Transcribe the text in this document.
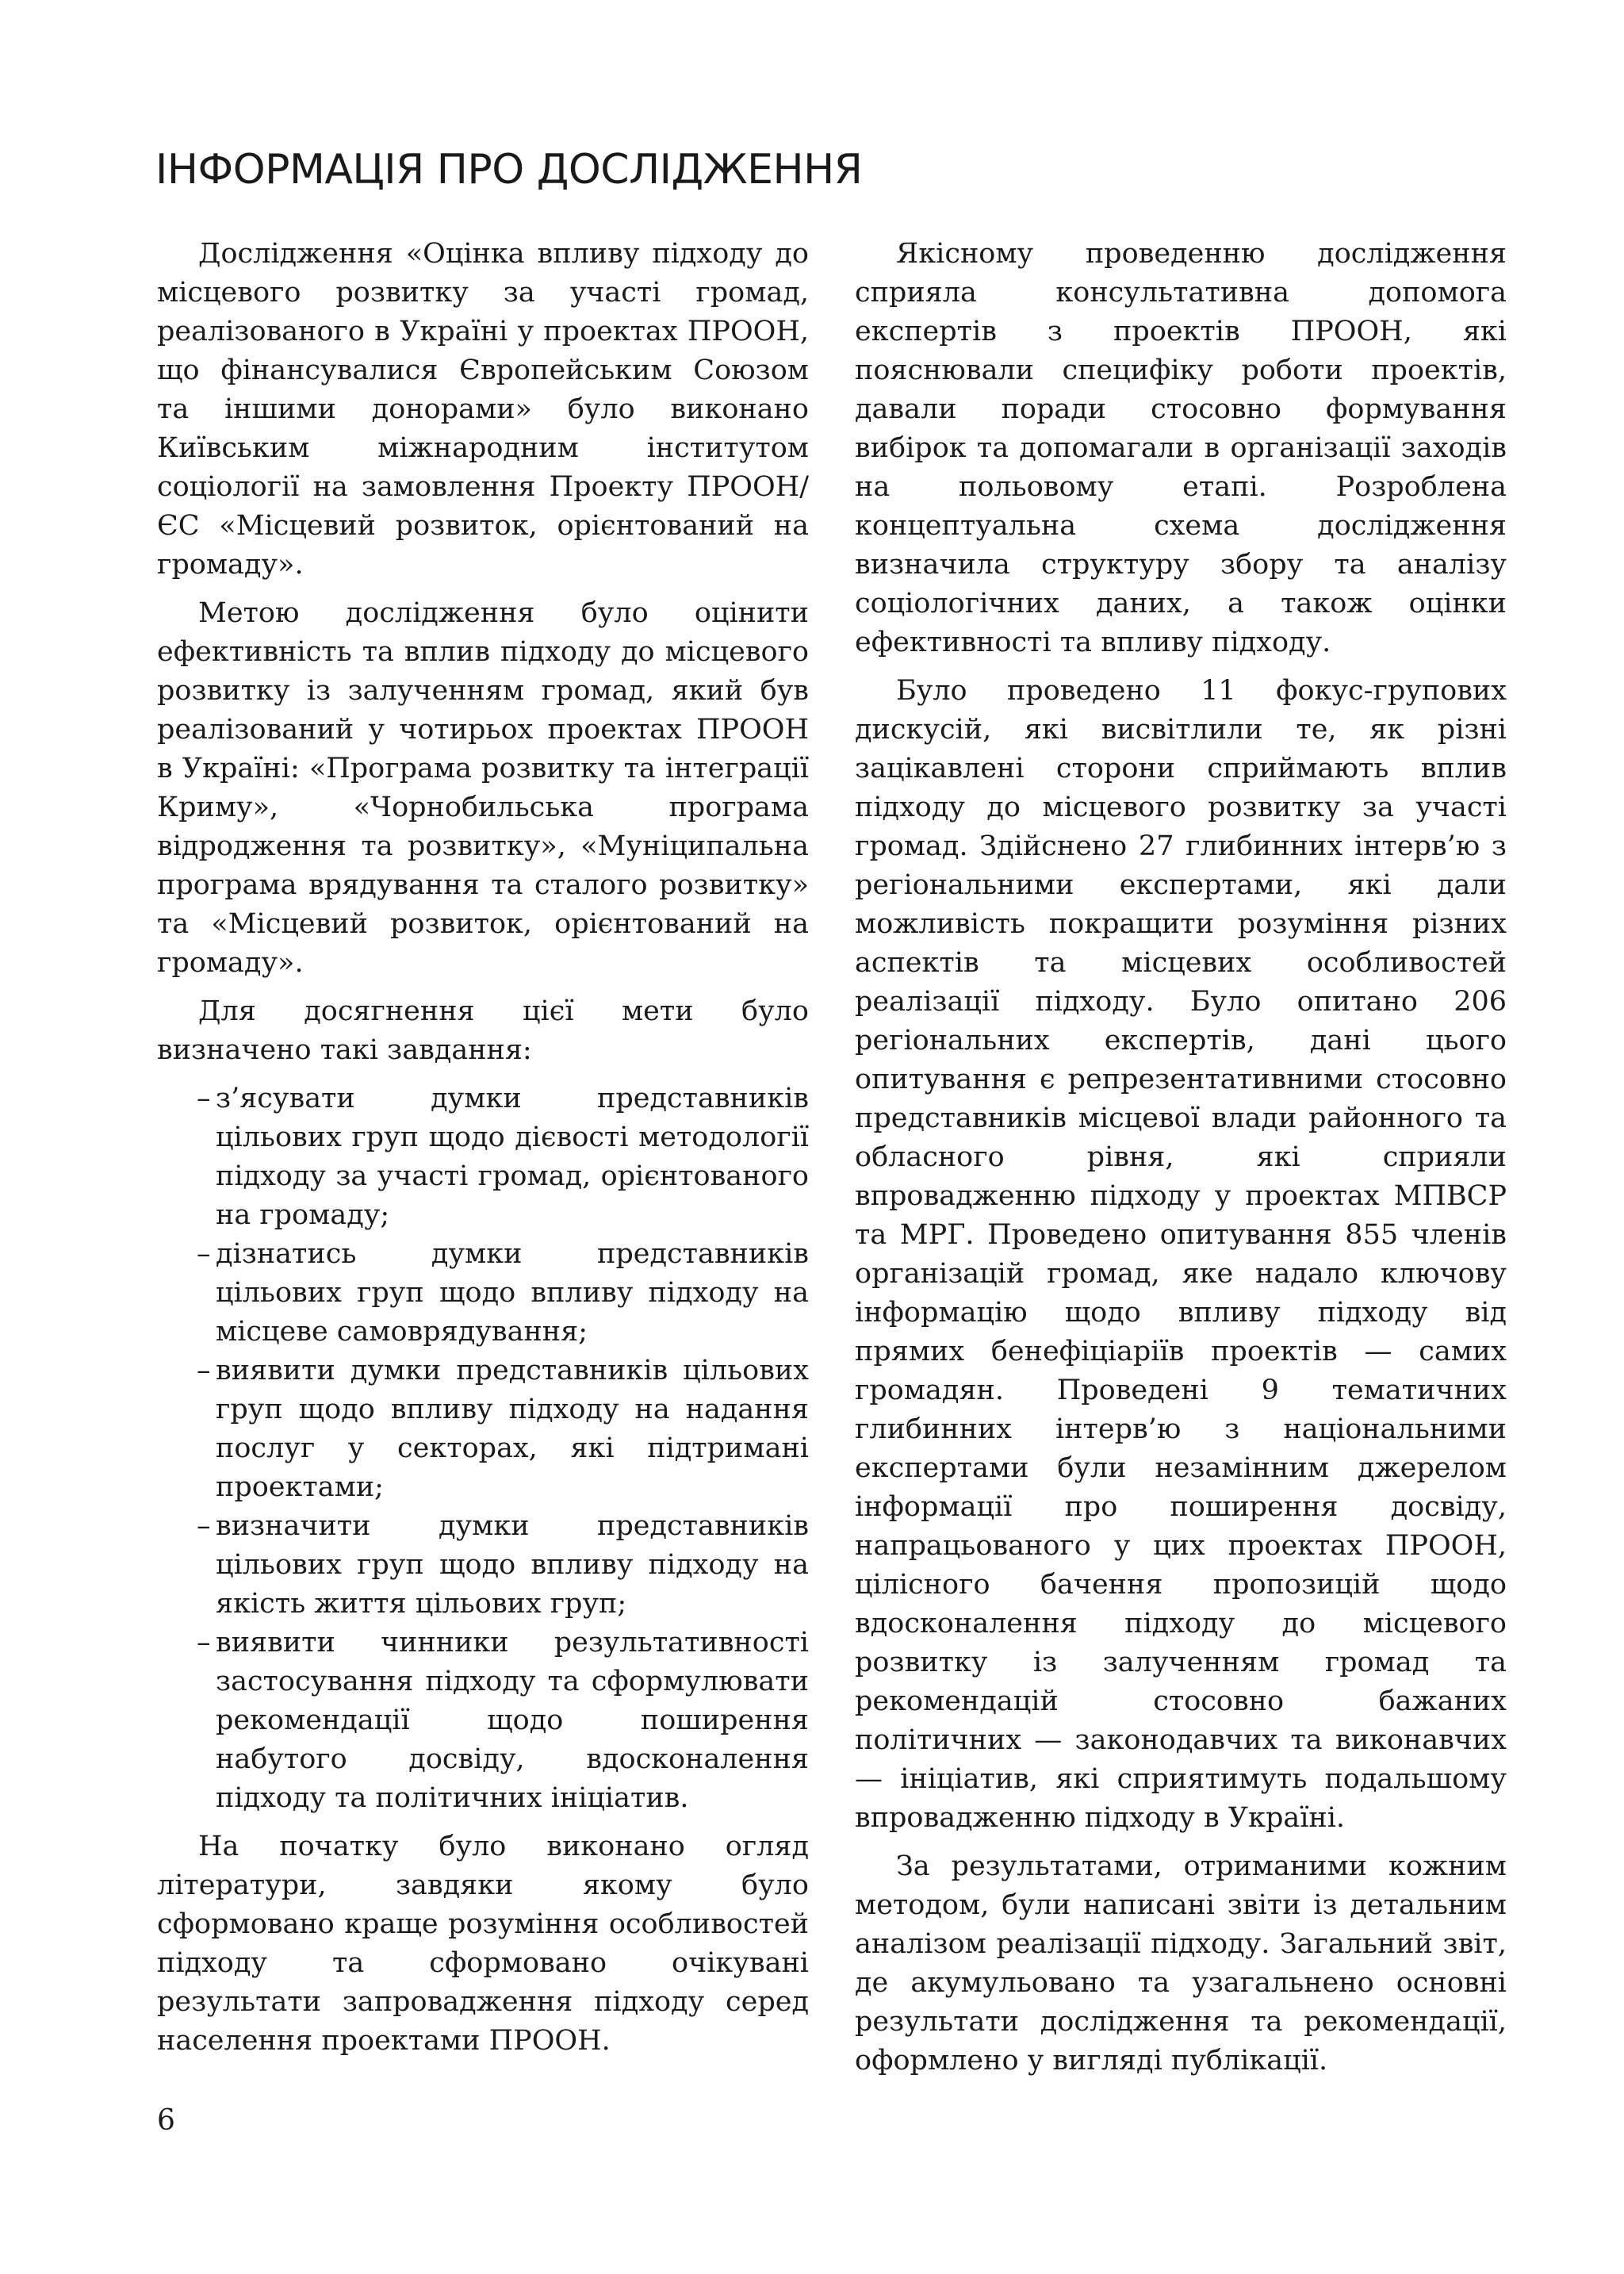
ІНФОРМАЦІЯ ПРО ДОСЛІДЖЕННЯ

Дослідження «Оцінка впливу підходу до місцевого розвитку за участі громад, реалізованого в Україні у проектах ПРООН, що фінансувалися Європейським Союзом та іншими донорами» було виконано Київським міжнародним інститутом соціології на замовлення Проекту ПРООН/ЄС «Місцевий розвиток, орієнтований на громаду».

Метою дослідження було оцінити ефективність та вплив підходу до місцевого розвитку із залученням громад, який був реалізований у чотирьох проектах ПРООН в Україні: «Програма розвитку та інтеграції Криму», «Чорнобильська програма відродження та розвитку», «Муніципальна програма врядування та сталого розвитку» та «Місцевий розвиток, орієнтований на громаду».

Для досягнення цієї мети було визначено такі завдання:

– з’ясувати думки представників цільових груп щодо дієвості методології підходу за участі громад, орієнтованого на громаду;
– дізнатись думки представників цільових груп щодо впливу підходу на місцеве самоврядування;
– виявити думки представників цільових груп щодо впливу підходу на надання послуг у секторах, які підтримані проектами;
– визначити думки представників цільових груп щодо впливу підходу на якість життя цільових груп;
– виявити чинники результативності застосування підходу та сформулювати рекомендації щодо поширення набутого досвіду, вдосконалення підходу та політичних ініціатив.

На початку було виконано огляд літератури, завдяки якому було сформовано краще розуміння особливостей підходу та сформовано очікувані результати запровадження підходу серед населення проектами ПРООН.

Якісному проведенню дослідження сприяла консультативна допомога експертів з проектів ПРООН, які пояснювали специфіку роботи проектів, давали поради стосовно формування вибірок та допомагали в організації заходів на польовому етапі. Розроблена концептуальна схема дослідження визначила структуру збору та аналізу соціологічних даних, а також оцінки ефективності та впливу підходу.

Було проведено 11 фокус-групових дискусій, які висвітлили те, як різні зацікавлені сторони сприймають вплив підходу до місцевого розвитку за участі громад. Здійснено 27 глибинних інтерв’ю з регіональними експертами, які дали можливість покращити розуміння різних аспектів та місцевих особливостей реалізації підходу. Було опитано 206 регіональних експертів, дані цього опитування є репрезентативними стосовно представників місцевої влади районного та обласного рівня, які сприяли впровадженню підходу у проектах МПВСР та МРГ. Проведено опитування 855 членів організацій громад, яке надало ключову інформацію щодо впливу підходу від прямих бенефіціаріїв проектів — самих громадян. Проведені 9 тематичних глибинних інтерв’ю з національними експертами були незамінним джерелом інформації про поширення досвіду, напрацьованого у цих проектах ПРООН, цілісного бачення пропозицій щодо вдосконалення підходу до місцевого розвитку із залученням громад та рекомендацій стосовно бажаних політичних — законодавчих та виконавчих — ініціатив, які сприятимуть подальшому впровадженню підходу в Україні.

За результатами, отриманими кожним методом, були написані звіти із детальним аналізом реалізації підходу. Загальний звіт, де акумульовано та узагальнено основні результати дослідження та рекомендації, оформлено у вигляді публікації.

6
